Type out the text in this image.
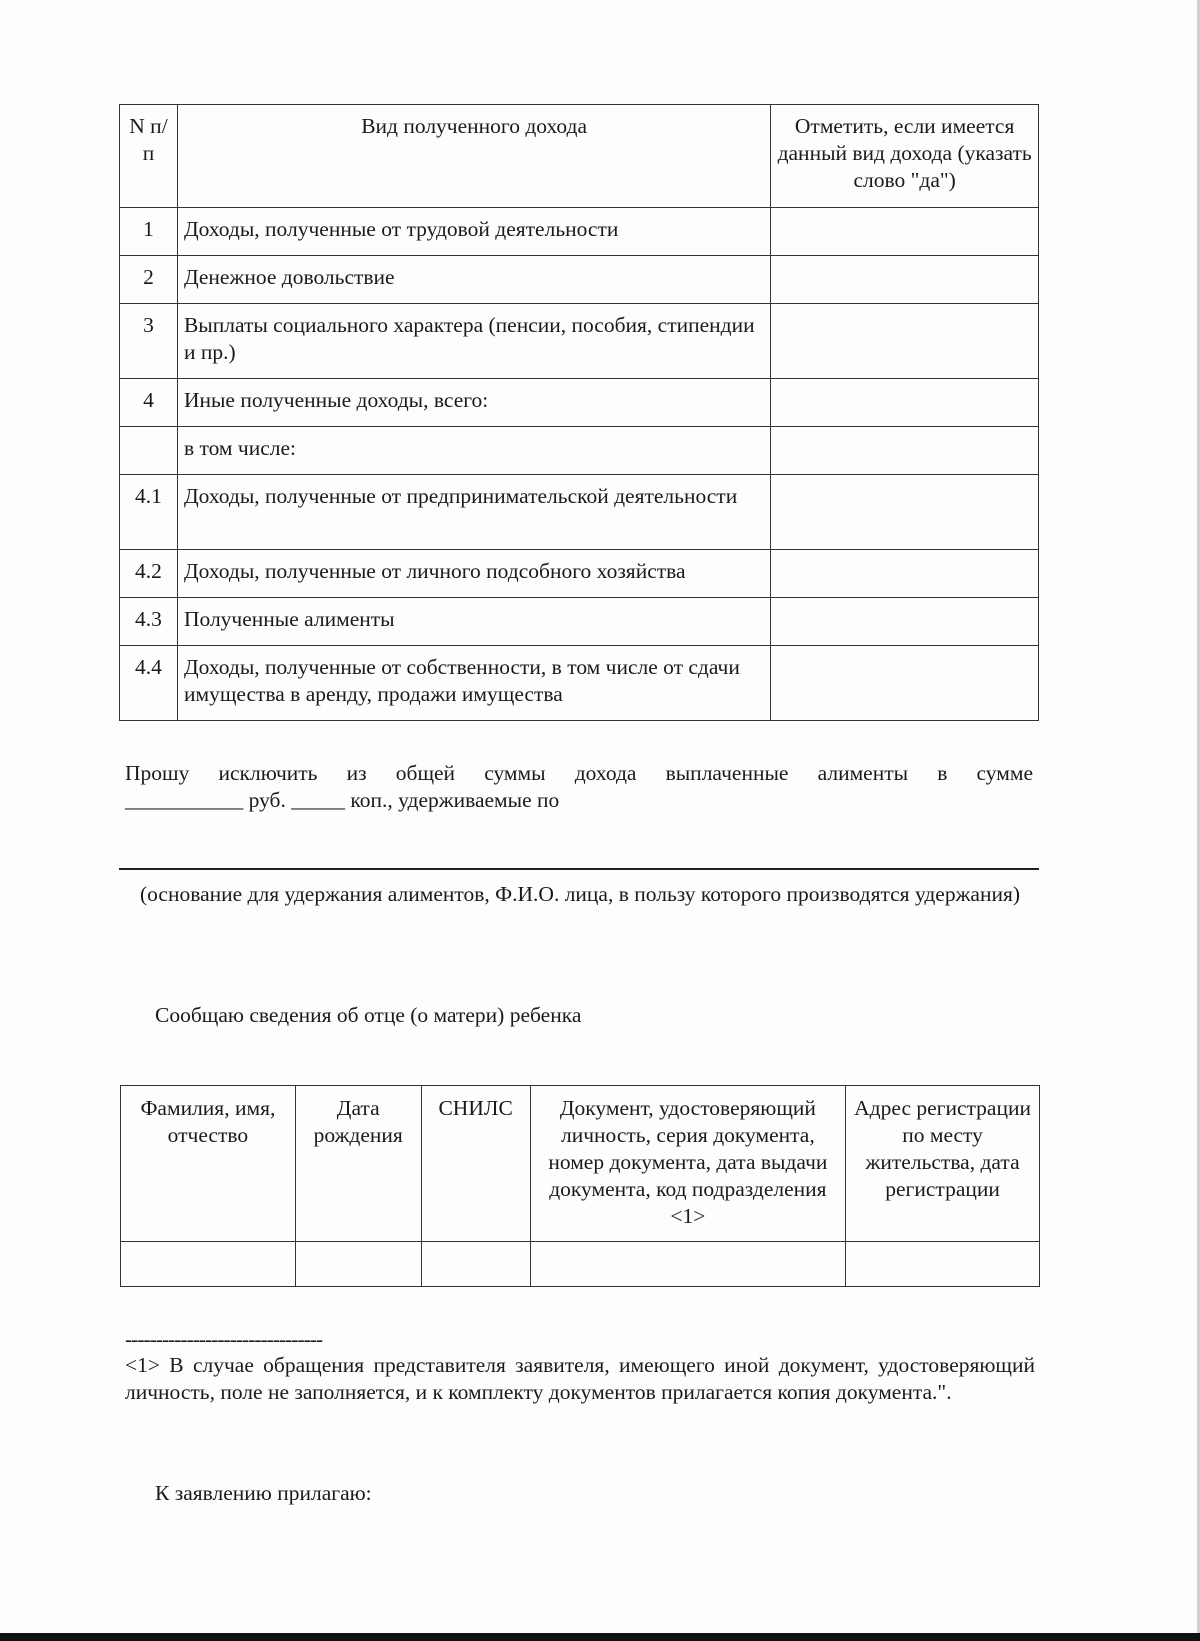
N п/п	Вид полученного дохода	Отметить, если имеется данный вид дохода (указать слово "да")
1	Доходы, полученные от трудовой деятельности	
2	Денежное довольствие	
3	Выплаты социального характера (пенсии, пособия, стипендии и пр.)	
4	Иные полученные доходы, всего:	
	в том числе:	
4.1	Доходы, полученные от предпринимательской деятельности	
4.2	Доходы, полученные от личного подсобного хозяйства	
4.3	Полученные алименты	
4.4	Доходы, полученные от собственности, в том числе от сдачи имущества в аренду, продажи имущества	
Прошу исключить из общей суммы дохода выплаченные алименты в сумме
___________ руб. _____ коп., удерживаемые по
(основание для удержания алиментов, Ф.И.О. лица, в пользу которого производятся удержания)
Сообщаю сведения об отце (о матери) ребенка
Фамилия, имя, отчество	Дата рождения	СНИЛС	Документ, удостоверяющий личность, серия документа, номер документа, дата выдачи документа, код подразделения <1>	Адрес регистрации по месту жительства, дата регистрации

--------------------------------
<1> В случае обращения представителя заявителя, имеющего иной документ, удостоверяющий личность, поле не заполняется, и к комплекту документов прилагается копия документа.".
К заявлению прилагаю:
